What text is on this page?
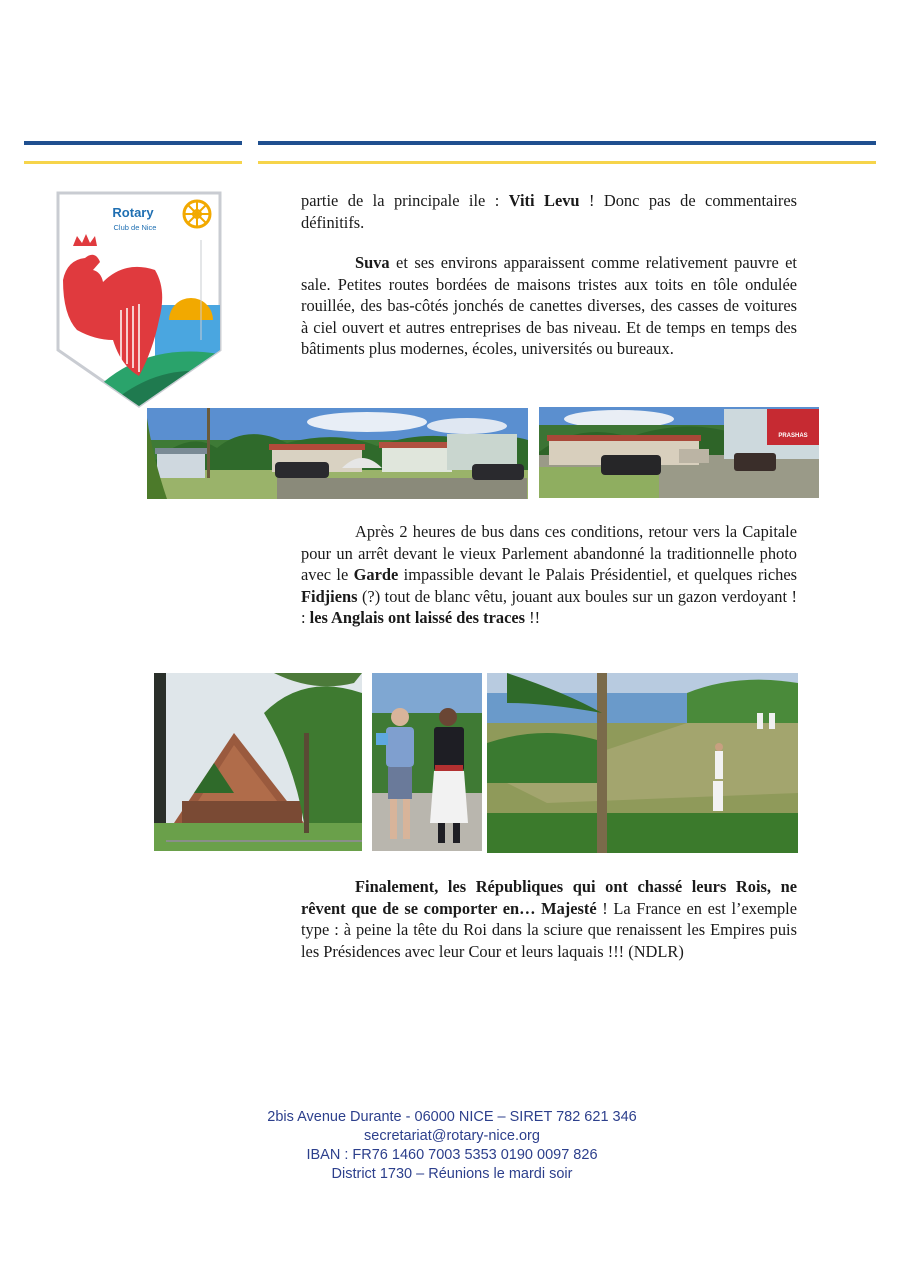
Rotary
Club de Nice

partie de la principale ile : Viti Levu ! Donc pas de commentaires définitifs.

Suva et ses environs apparaissent comme relativement pauvre et sale. Petites routes bordées de maisons tristes aux toits en tôle ondulée rouillée, des bas-côtés jonchés de canettes diverses, des casses de voitures à ciel ouvert et autres entreprises de bas niveau. Et de temps en temps des bâtiments plus modernes, écoles, universités ou bureaux.

PRASHAS

Après 2 heures de bus dans ces conditions, retour vers la Capitale pour un arrêt devant le vieux Parlement abandonné la traditionnelle photo avec le Garde impassible devant le Palais Présidentiel, et quelques riches Fidjiens (?) tout de blanc vêtu, jouant aux boules sur un gazon verdoyant ! : les Anglais ont laissé des traces !!

Finalement, les Républiques qui ont chassé leurs Rois, ne rêvent que de se comporter en… Majesté ! La France en est l’exemple type : à peine la tête du Roi dans la sciure que renaissent les Empires puis les Présidences avec leur Cour et leurs laquais !!! (NDLR)

2bis Avenue Durante - 06000 NICE – SIRET 782 621 346
secretariat@rotary-nice.org
IBAN : FR76 1460 7003 5353 0190 0097 826
District 1730 – Réunions le mardi soir
